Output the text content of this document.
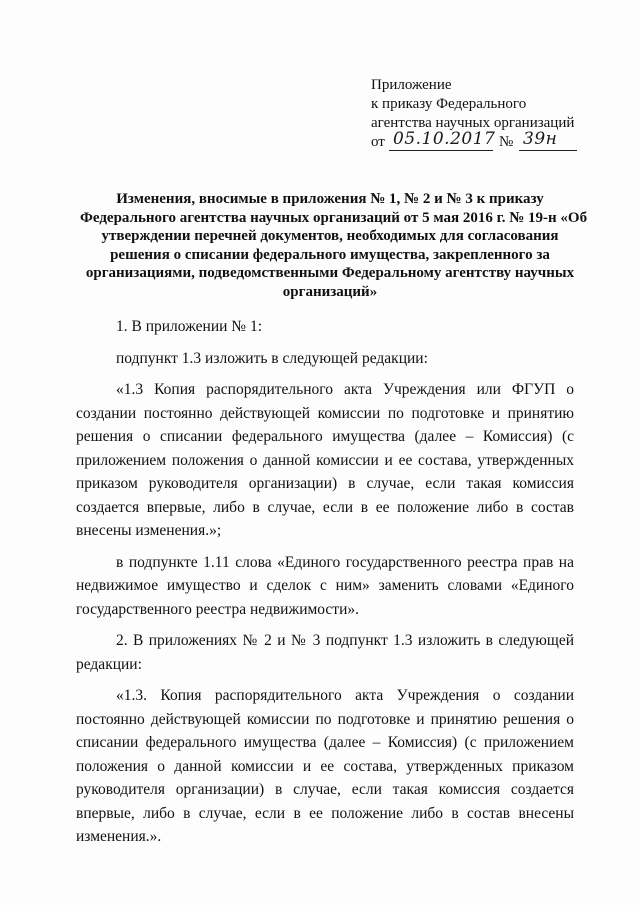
Приложение
к приказу Федерального
агентства научных организаций
от 05.10.2017 № 39н
Изменения, вносимые в приложения № 1, № 2 и № 3 к приказу
Федерального агентства научных организаций от 5 мая 2016 г. № 19-н «Об
утверждении перечней документов, необходимых для согласования
решения о списании федерального имущества, закрепленного за
организациями, подведомственными Федеральному агентству научных
организаций»

1. В приложении № 1:

подпункт 1.3 изложить в следующей редакции:

«1.3 Копия распорядительного акта Учреждения или ФГУП о создании постоянно действующей комиссии по подготовке и принятию решения о списании федерального имущества (далее – Комиссия) (с приложением положения о данной комиссии и ее состава, утвержденных приказом руководителя организации) в случае, если такая комиссия создается впервые, либо в случае, если в ее положение либо в состав внесены изменения.»;

в подпункте 1.11 слова «Единого государственного реестра прав на недвижимое имущество и сделок с ним» заменить словами «Единого государственного реестра недвижимости».

2. В приложениях № 2 и № 3 подпункт 1.3 изложить в следующей редакции:

«1.3. Копия распорядительного акта Учреждения о создании постоянно действующей комиссии по подготовке и принятию решения о списании федерального имущества (далее – Комиссия) (с приложением положения о данной комиссии и ее состава, утвержденных приказом руководителя организации) в случае, если такая комиссия создается впервые, либо в случае, если в ее положение либо в состав внесены изменения.».
